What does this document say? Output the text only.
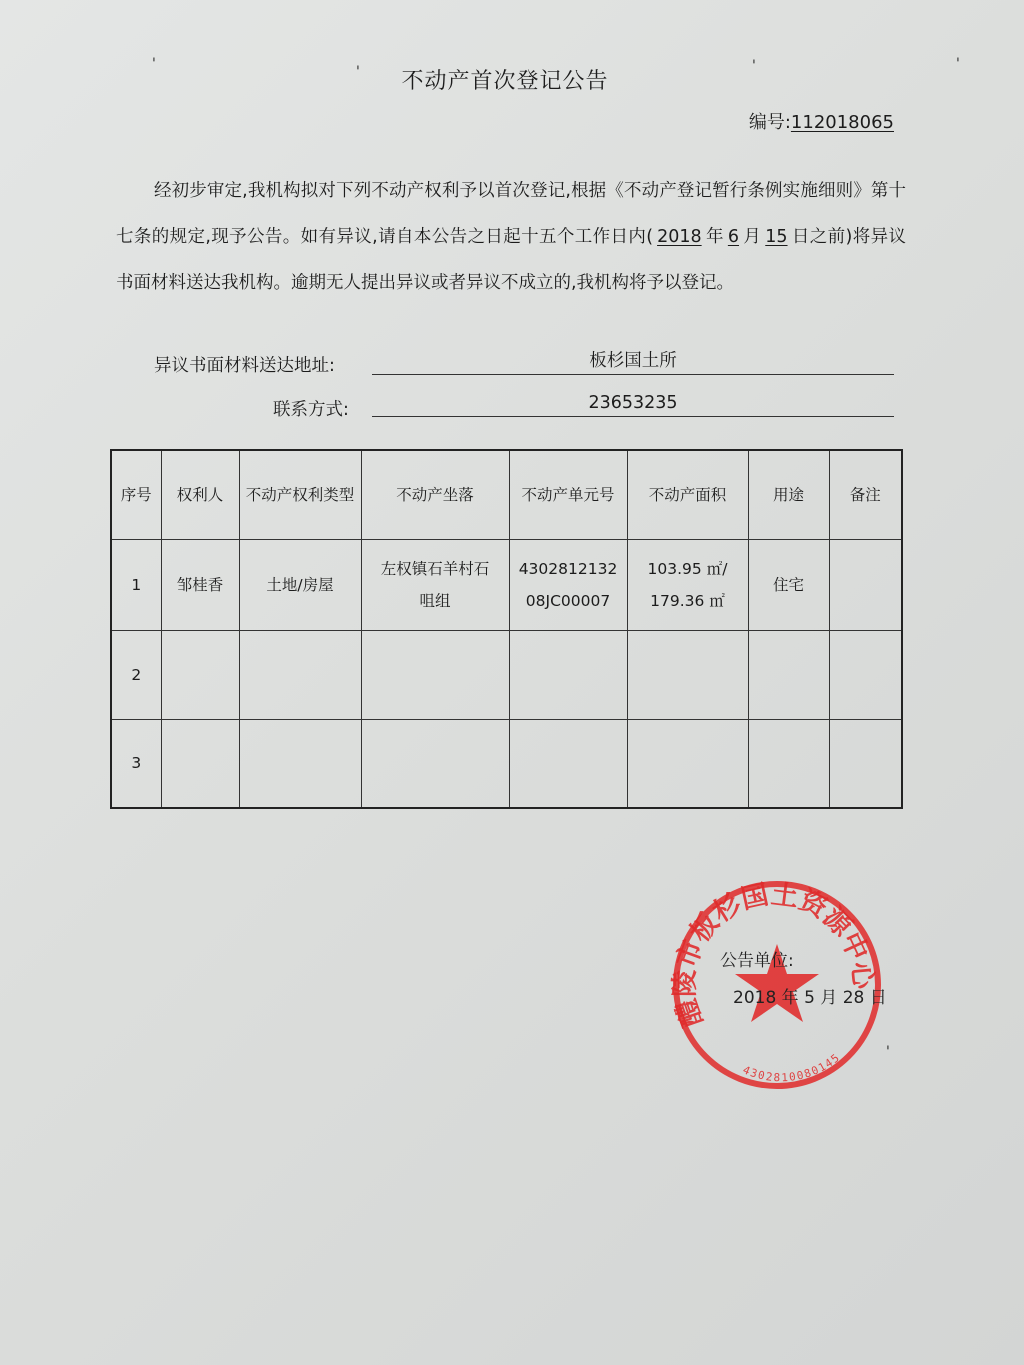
'	'	'	'
'
不动产首次登记公告
编号:112018065
经初步审定,我机构拟对下列不动产权利予以首次登记,根据《不动产登记暂行条例实施细则》第十七条的规定,现予公告。如有异议,请自本公告之日起十五个工作日内( 2018 年 6 月 15 日之前)将异议书面材料送达我机构。逾期无人提出异议或者异议不成立的,我机构将予以登记。
异议书面材料送达地址:	板杉国土所
联系方式:	23653235
序号	权利人	不动产权利类型	不动产坐落	不动产单元号	不动产面积	用途	备注
1	邹桂香	土地/房屋	左权镇石羊村石咀组	430281213208JC00007	103.95 ㎡/ 179.36 ㎡	住宅	
2							
3							
醴陵市板杉国土资源中心
4302810080145
公告单位:
2018 年 5 月 28 日
